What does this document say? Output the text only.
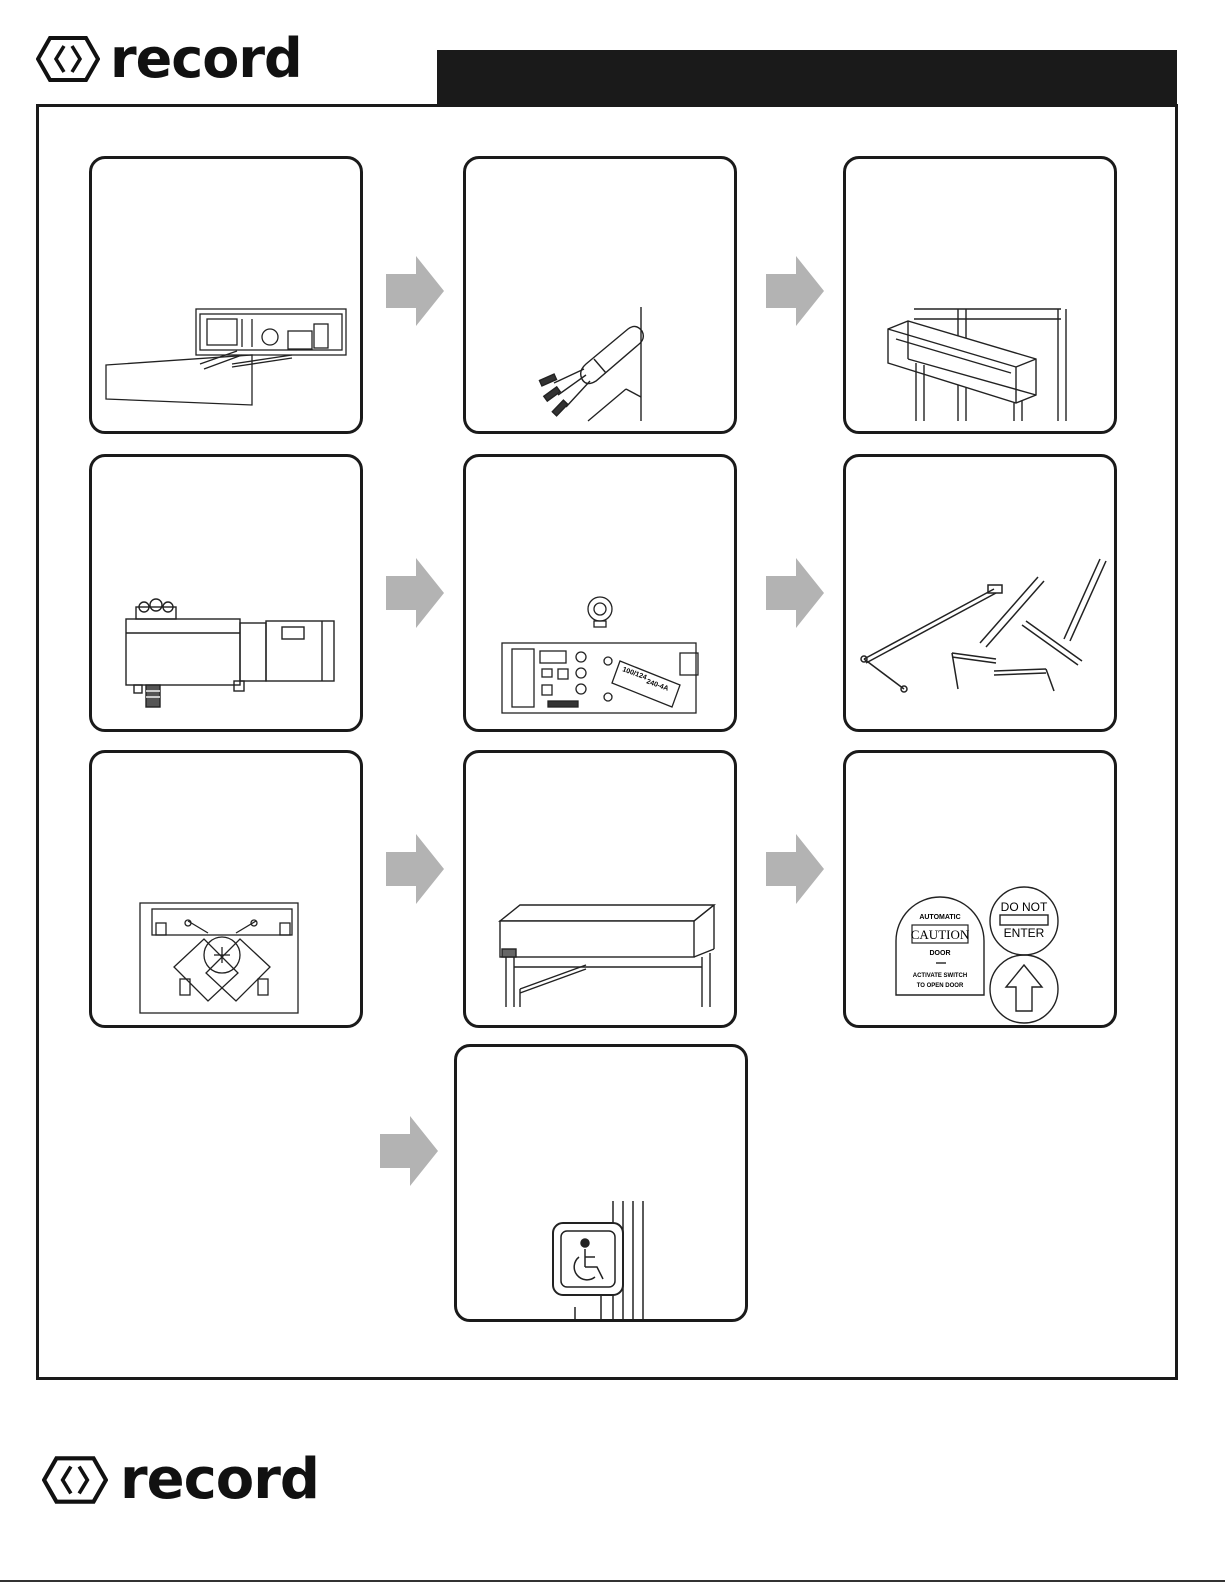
record
100/124
240-4A
AUTOMATIC
CAUTION
DOOR
ACTIVATE SWITCH
TO OPEN DOOR
DO NOT
ENTER
record
